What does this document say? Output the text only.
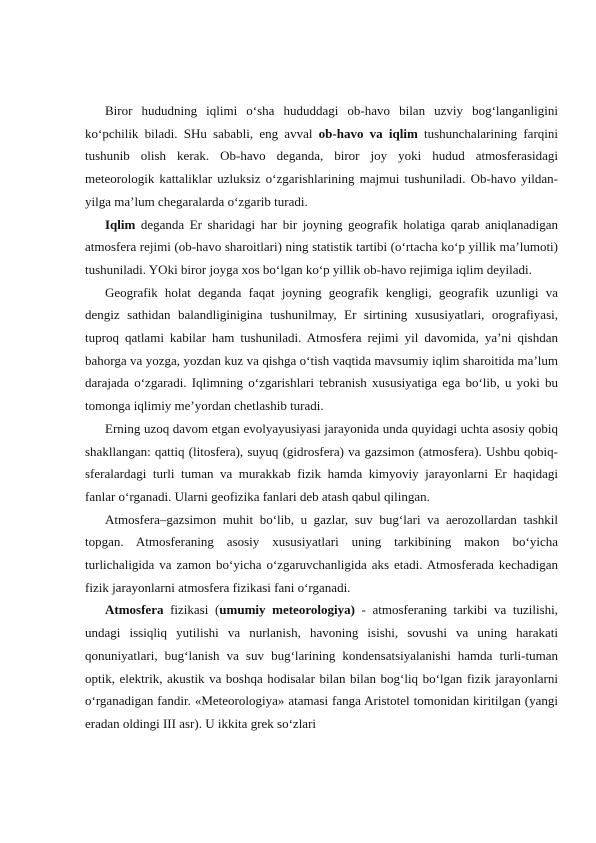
Biror hududning iqlimi o‘sha hududdagi ob-havo bilan uzviy bog‘langanligini ko‘pchilik biladi. SHu sababli, eng avval ob-havo va iqlim tushunchalarining farqini tushunib olish kerak. Ob-havo deganda, biror joy yoki hudud atmosferasidagi meteorologik kattaliklar uzluksiz o‘zgarishlarining majmui tushuniladi. Ob-havo yildan-yilga ma’lum chegaralarda o‘zgarib turadi.

Iqlim deganda Er sharidagi har bir joyning geografik holatiga qarab aniqlanadigan atmosfera rejimi (ob-havo sharoitlari) ning statistik tartibi (o‘rtacha ko‘p yillik ma’lumoti) tushuniladi. YOki biror joyga xos bo‘lgan ko‘p yillik ob-havo rejimiga iqlim deyiladi.

Geografik holat deganda faqat joyning geografik kengligi, geografik uzunligi va dengiz sathidan balandliginigina tushunilmay, Er sirtining xususiyatlari, orografiyasi, tuproq qatlami kabilar ham tushuniladi. Atmosfera rejimi yil davomida, ya’ni qishdan bahorga va yozga, yozdan kuz va qishga o‘tish vaqtida mavsumiy iqlim sharoitida ma’lum darajada o‘zgaradi. Iqlimning o‘zgarishlari tebranish xususiyatiga ega bo‘lib, u yoki bu tomonga iqlimiy me’yordan chetlashib turadi.

Erning uzoq davom etgan evolyayusiyasi jarayonida unda quyidagi uchta asosiy qobiq shakllangan: qattiq (litosfera), suyuq (gidrosfera) va gazsimon (atmosfera). Ushbu qobiq-sferalardagi turli tuman va murakkab fizik hamda kimyoviy jarayonlarni Er haqidagi fanlar o‘rganadi. Ularni geofizika fanlari deb atash qabul qilingan.

Atmosfera–gazsimon muhit bo‘lib, u gazlar, suv bug‘lari va aerozollardan tashkil topgan. Atmosferaning asosiy xususiyatlari uning tarkibining makon bo‘yicha turlichaligida va zamon bo‘yicha o‘zgaruvchanligida aks etadi. Atmosferada kechadigan fizik jarayonlarni atmosfera fizikasi fani o‘rganadi.

Atmosfera fizikasi (umumiy meteorologiya) - atmosferaning tarkibi va tuzilishi, undagi issiqliq yutilishi va nurlanish, havoning isishi, sovushi va uning harakati qonuniyatlari, bug‘lanish va suv bug‘larining kondensatsiyalanishi hamda turli-tuman optik, elektrik, akustik va boshqa hodisalar bilan bilan bog‘liq bo‘lgan fizik jarayonlarni o‘rganadigan fandir. «Meteorologiya» atamasi fanga Aristotel tomonidan kiritilgan (yangi eradan oldingi III asr). U ikkita grek so‘zlari
